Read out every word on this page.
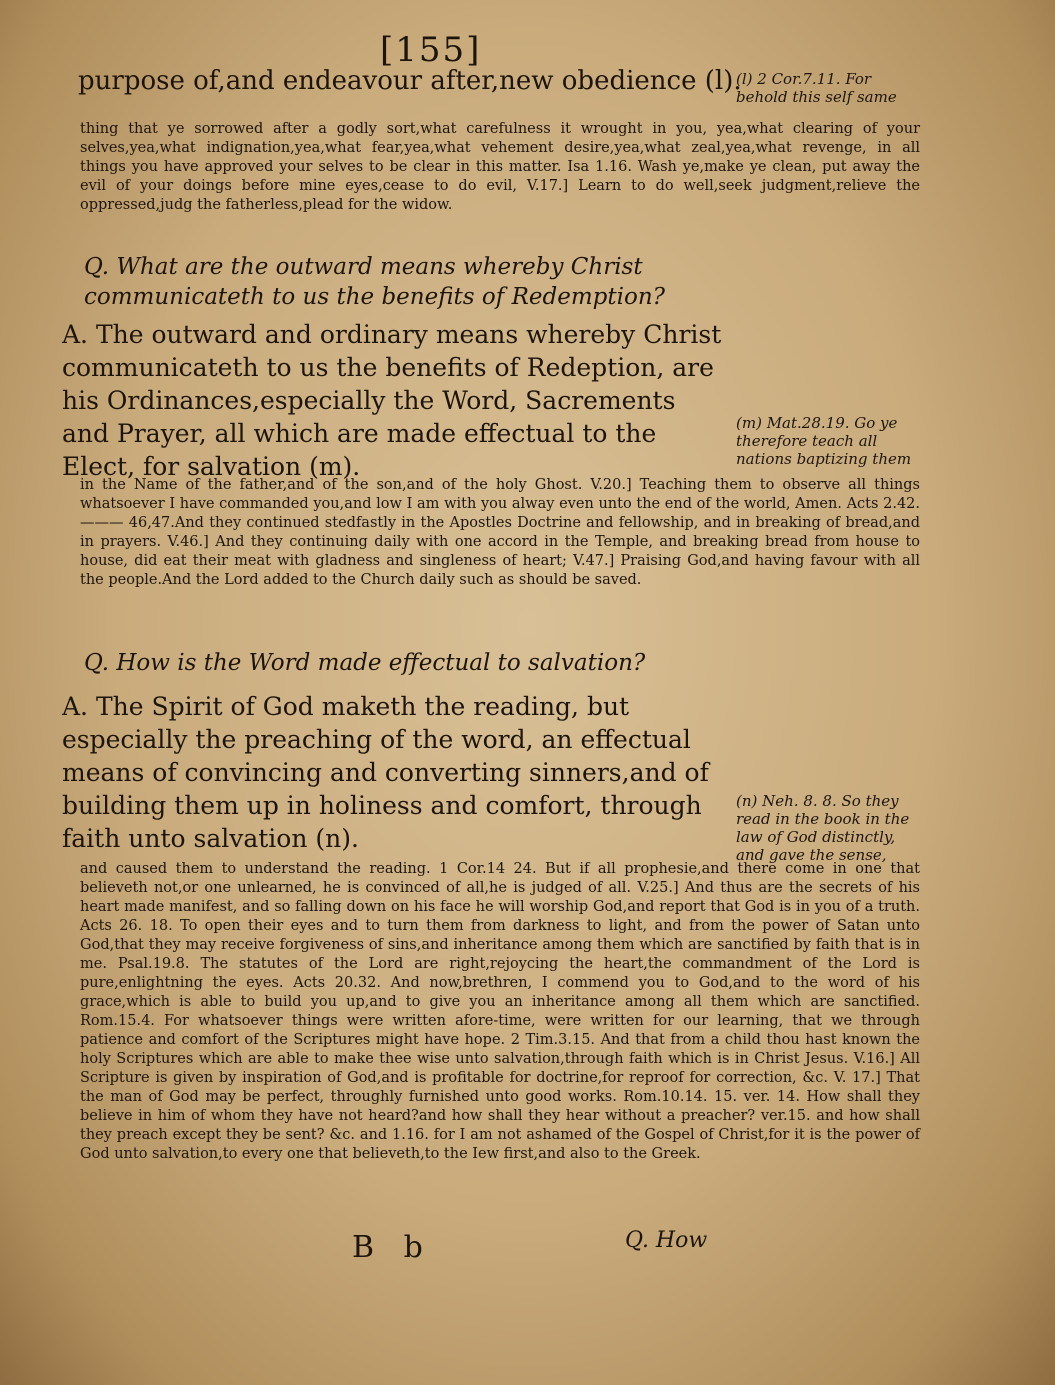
[155]
purpose of,and endeavour after,new obedience (l).
(l) 2 Cor.7.11. For behold this self same
thing that ye sorrowed after a godly sort,what carefulness it wrought in you, yea,what clearing of your selves,yea,what indignation,yea,what fear,yea,what vehement desire,yea,what zeal,yea,what revenge, in all things you have approved your selves to be clear in this matter. Isa 1.16. Wash ye,make ye clean, put away the evil of your doings before mine eyes,cease to do evil, V.17.] Learn to do well,seek judgment,relieve the oppressed,judg the fatherless,plead for the widow.
Q. What are the outward means whereby Christ communicateth to us the benefits of Redemption?
A. The outward and ordinary means whereby Christ communicateth to us the benefits of Redeption, are his Ordinances,especially the Word, Sacrements and Prayer, all which are made effectual to the Elect, for salvation (m).
(m) Mat.28.19. Go ye therefore teach all nations baptizing them
in the Name of the father,and of the son,and of the holy Ghost. V.20.] Teaching them to observe all things whatsoever I have commanded you,and low I am with you alway even unto the end of the world, Amen. Acts 2.42. ——— 46,47.And they continued stedfastly in the Apostles Doctrine and fellowship, and in breaking of bread,and in prayers. V.46.] And they continuing daily with one accord in the Temple, and breaking bread from house to house, did eat their meat with gladness and singleness of heart; V.47.] Praising God,and having favour with all the people.And the Lord added to the Church daily such as should be saved.
Q. How is the Word made effectual to salvation?
A. The Spirit of God maketh the reading, but especially the preaching of the word, an effectual means of convincing and converting sinners,and of building them up in holiness and comfort, through faith unto salvation (n).
(n) Neh. 8. 8. So they read in the book in the law of God distinctly, and gave the sense,
and caused them to understand the reading. 1 Cor.14 24. But if all prophesie,and there come in one that believeth not,or one unlearned, he is convinced of all,he is judged of all. V.25.] And thus are the secrets of his heart made manifest, and so falling down on his face he will worship God,and report that God is in you of a truth. Acts 26. 18. To open their eyes and to turn them from darkness to light, and from the power of Satan unto God,that they may receive forgiveness of sins,and inheritance among them which are sanctified by faith that is in me. Psal.19.8. The statutes of the Lord are right,rejoycing the heart,the commandment of the Lord is pure,enlightning the eyes. Acts 20.32. And now,brethren, I commend you to God,and to the word of his grace,which is able to build you up,and to give you an inheritance among all them which are sanctified. Rom.15.4. For whatsoever things were written afore-time, were written for our learning, that we through patience and comfort of the Scriptures might have hope. 2 Tim.3.15. And that from a child thou hast known the holy Scriptures which are able to make thee wise unto salvation,through faith which is in Christ Jesus. V.16.] All Scripture is given by inspiration of God,and is profitable for doctrine,for reproof for correction, &c. V. 17.] That the man of God may be perfect, throughly furnished unto good works. Rom.10.14. 15. ver. 14. How shall they believe in him of whom they have not heard?and how shall they hear without a preacher? ver.15. and how shall they preach except they be sent? &c. and 1.16. for I am not ashamed of the Gospel of Christ,for it is the power of God unto salvation,to every one that believeth,to the Iew first,and also to the Greek.
B b	Q. How
